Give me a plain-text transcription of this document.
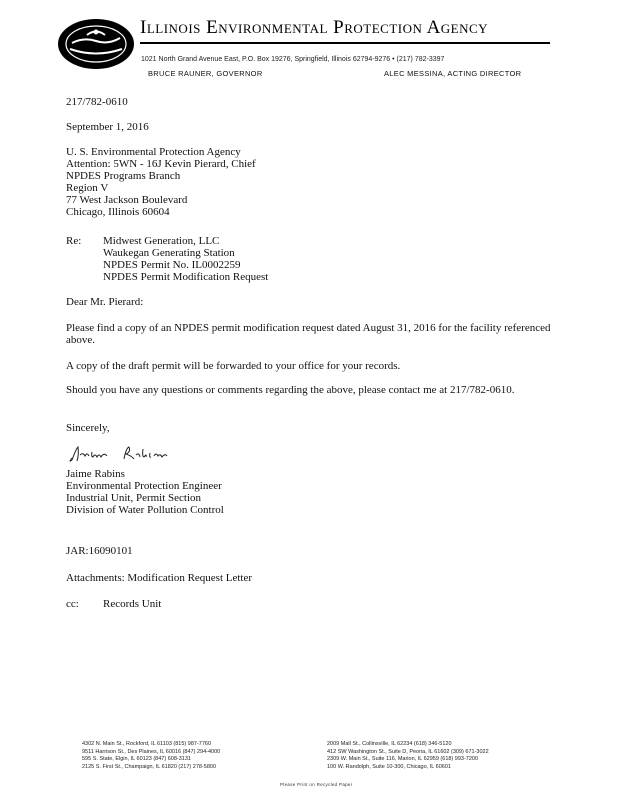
Illinois Environmental Protection Agency
1021 North Grand Avenue East, P.O. Box 19276, Springfield, Illinois 62794-9276 • (217) 782-3397
BRUCE RAUNER, GOVERNOR	ALEC MESSINA, ACTING DIRECTOR
217/782-0610
September 1, 2016
U. S. Environmental Protection Agency
Attention: 5WN - 16J Kevin Pierard, Chief
NPDES Programs Branch
Region V
77 West Jackson Boulevard
Chicago, Illinois 60604
Re: Midwest Generation, LLC
Waukegan Generating Station
NPDES Permit No. IL0002259
NPDES Permit Modification Request
Dear Mr. Pierard:
Please find a copy of an NPDES permit modification request dated August 31, 2016 for the facility referenced above.
A copy of the draft permit will be forwarded to your office for your records.
Should you have any questions or comments regarding the above, please contact me at 217/782-0610.
Sincerely,
Jaime Rabins
Environmental Protection Engineer
Industrial Unit, Permit Section
Division of Water Pollution Control
JAR:16090101
Attachments: Modification Request Letter
cc: Records Unit
4302 N. Main St., Rockford, IL 61103 (815) 987-7760
9511 Harrison St., Des Plaines, IL 60016 (847) 294-4000
595 S. State, Elgin, IL 60123 (847) 608-3131
2125 S. First St., Champaign, IL 61820 (217) 278-5800
2009 Mall St., Collinsville, IL 62234 (618) 346-5120
412 SW Washington St., Suite D, Peoria, IL 61602 (309) 671-3022
2309 W. Main St., Suite 116, Marion, IL 62959 (618) 993-7200
100 W. Randolph, Suite 10-300, Chicago, IL 60601
Please Print on Recycled Paper
